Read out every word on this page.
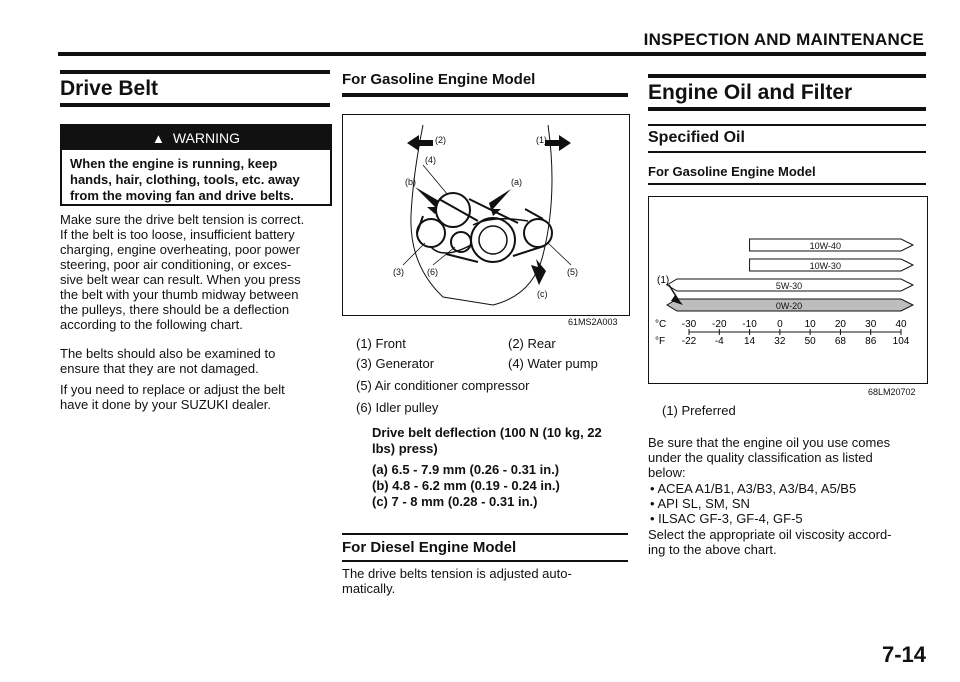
INSPECTION AND MAINTENANCE
Drive Belt
▲ WARNING
When the engine is running, keep
hands, hair, clothing, tools, etc. away
from the moving fan and drive belts.
Make sure the drive belt tension is correct.
If the belt is too loose, insufficient battery
charging, engine overheating, poor power
steering, poor air conditioning, or exces-
sive belt wear can result. When you press
the belt with your thumb midway between
the pulleys, there should be a deflection
according to the following chart.
The belts should also be examined to
ensure that they are not damaged.
If you need to replace or adjust the belt
have it done by your SUZUKI dealer.
For Gasoline Engine Model
(2)	(1)
(4)
(b)	(a)
(3)	(6)	(5)
(c)
61MS2A003
(1) Front	(2) Rear
(3) Generator	(4) Water pump
(5) Air conditioner compressor
(6) Idler pulley
Drive belt deflection (100 N (10 kg, 22
lbs) press)
(a) 6.5 - 7.9 mm (0.26 - 0.31 in.)
(b) 4.8 - 6.2 mm (0.19 - 0.24 in.)
(c) 7 - 8 mm (0.28 - 0.31 in.)
For Diesel Engine Model
The drive belts tension is adjusted auto-
matically.
Engine Oil and Filter
Specified Oil
For Gasoline Engine Model
10W-40
10W-30
5W-30
0W-20
(1)
°C
°F
-30
-22
-20
-4
-10
14
0
32
10
50
20
68
30
86
40
104
68LM20702
(1) Preferred
Be sure that the engine oil you use comes
under the quality classification as listed
below:
• ACEA A1/B1, A3/B3, A3/B4, A5/B5
• API SL, SM, SN
• ILSAC GF-3, GF-4, GF-5
Select the appropriate oil viscosity accord-
ing to the above chart.
7-14
